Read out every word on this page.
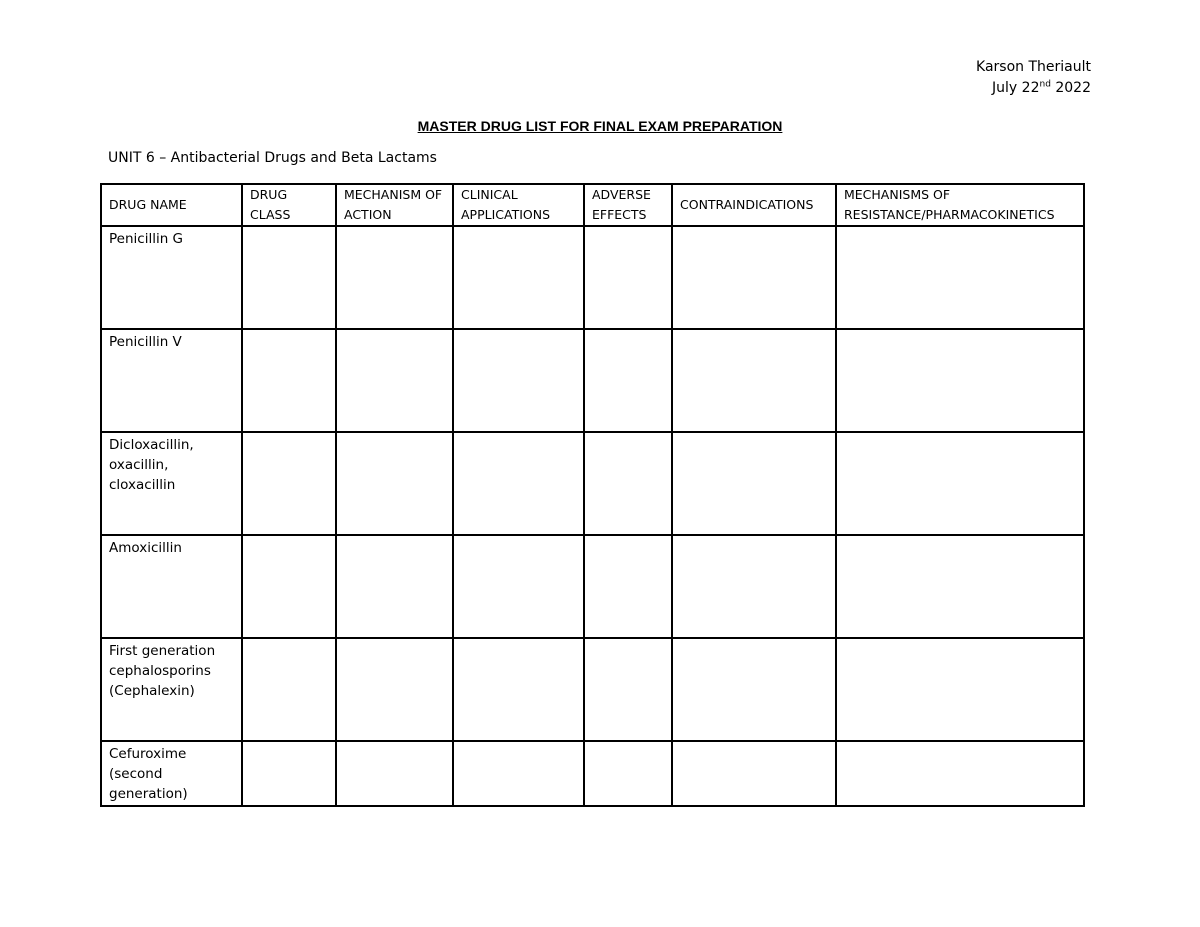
Karson Theriault
July 22nd 2022
MASTER DRUG LIST FOR FINAL EXAM PREPARATION
UNIT 6 – Antibacterial Drugs and Beta Lactams
DRUG NAME	DRUG CLASS	MECHANISM OF ACTION	CLINICAL APPLICATIONS	ADVERSE EFFECTS	CONTRAINDICATIONS	MECHANISMS OF RESISTANCE/PHARMACOKINETICS
Penicillin G						
Penicillin V						
Dicloxacillin, oxacillin, cloxacillin						
Amoxicillin						
First generation cephalosporins (Cephalexin)						
Cefuroxime (second generation)						
